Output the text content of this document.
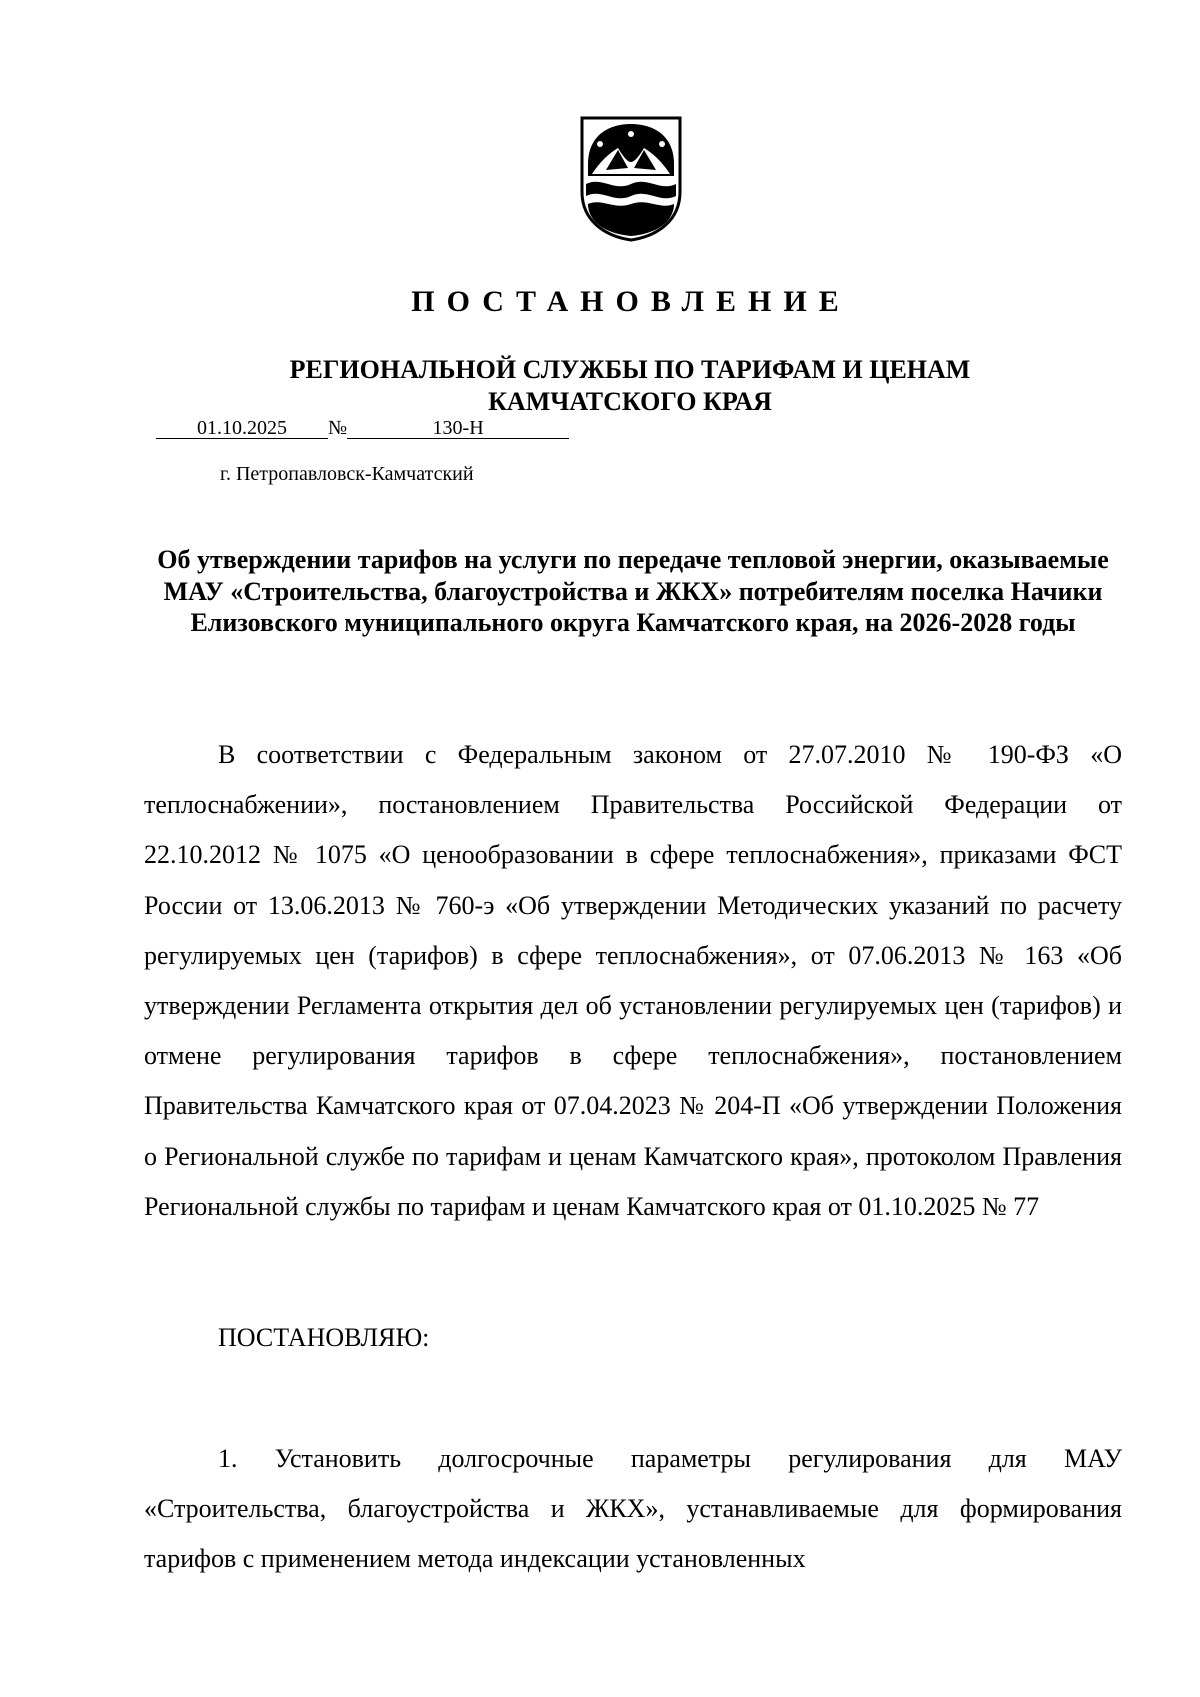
ПОСТАНОВЛЕНИЕ
РЕГИОНАЛЬНОЙ СЛУЖБЫ ПО ТАРИФАМ И ЦЕНАМ КАМЧАТСКОГО КРАЯ
01.10.2025 №	130-Н
г. Петропавловск-Камчатский
Об утверждении тарифов на услуги по передаче тепловой энергии, оказываемые МАУ «Строительства, благоустройства и ЖКХ» потребителям поселка Начики Елизовского муниципального округа Камчатского края, на 2026-2028 годы

В соответствии с Федеральным законом от 27.07.2010 № 190-ФЗ «О теплоснабжении», постановлением Правительства Российской Федерации от 22.10.2012 № 1075 «О ценообразовании в сфере теплоснабжения», приказами ФСТ России от 13.06.2013 № 760-э «Об утверждении Методических указаний по расчету регулируемых цен (тарифов) в сфере теплоснабжения», от 07.06.2013 № 163 «Об утверждении Регламента открытия дел об установлении регулируемых цен (тарифов) и отмене регулирования тарифов в сфере теплоснабжения», постановлением Правительства Камчатского края от 07.04.2023 № 204-П «Об утверждении Положения о Региональной службе по тарифам и ценам Камчатского края», протоколом Правления Региональной службы по тарифам и ценам Камчатского края от 01.10.2025 № 77

ПОСТАНОВЛЯЮ:

1. Установить долгосрочные параметры регулирования для МАУ «Строительства, благоустройства и ЖКХ», устанавливаемые для формирования тарифов с применением метода индексации установленных
